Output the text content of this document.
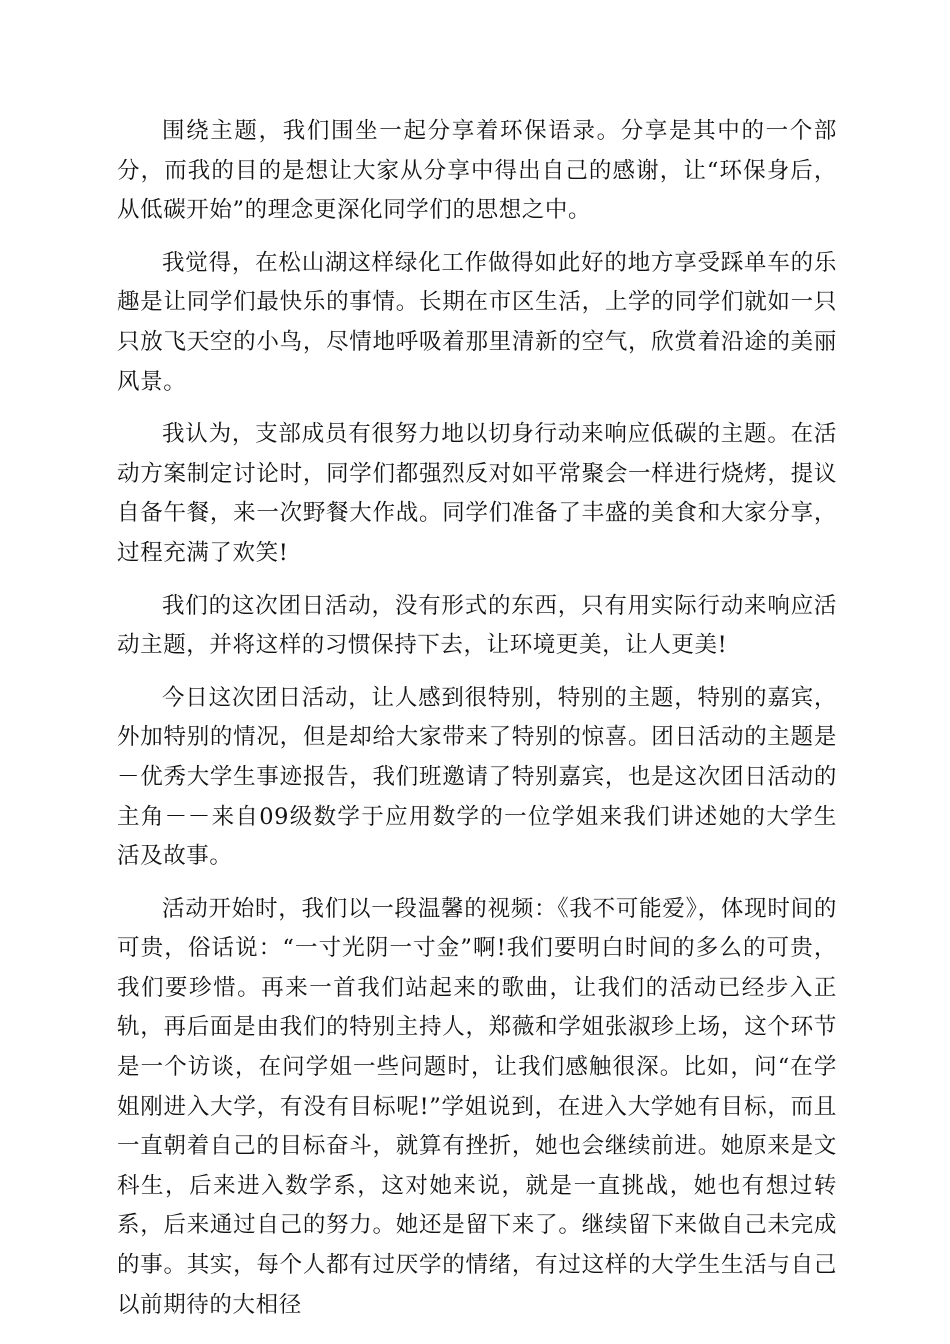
围绕主题，我们围坐一起分享着环保语录。分享是其中的一个部分，而我的目的是想让大家从分享中得出自己的感谢，让“环保身后，从低碳开始”的理念更深化同学们的思想之中。

我觉得，在松山湖这样绿化工作做得如此好的地方享受踩单车的乐趣是让同学们最快乐的事情。长期在市区生活，上学的同学们就如一只只放飞天空的小鸟，尽情地呼吸着那里清新的空气，欣赏着沿途的美丽风景。

我认为，支部成员有很努力地以切身行动来响应低碳的主题。在活动方案制定讨论时，同学们都强烈反对如平常聚会一样进行烧烤，提议自备午餐，来一次野餐大作战。同学们准备了丰盛的美食和大家分享，过程充满了欢笑!

我们的这次团日活动，没有形式的东西，只有用实际行动来响应活动主题，并将这样的习惯保持下去，让环境更美，让人更美!

今日这次团日活动，让人感到很特别，特别的主题，特别的嘉宾，外加特别的情况，但是却给大家带来了特别的惊喜。团日活动的主题是－优秀大学生事迹报告，我们班邀请了特别嘉宾，也是这次团日活动的主角－－来自09级数学于应用数学的一位学姐来我们讲述她的大学生活及故事。

活动开始时，我们以一段温馨的视频：《我不可能爱》，体现时间的可贵，俗话说：“一寸光阴一寸金”啊!我们要明白时间的多么的可贵，我们要珍惜。再来一首我们站起来的歌曲，让我们的活动已经步入正轨，再后面是由我们的特别主持人，郑薇和学姐张淑珍上场，这个环节是一个访谈，在问学姐一些问题时，让我们感触很深。比如，问“在学姐刚进入大学，有没有目标呢!”学姐说到，在进入大学她有目标，而且一直朝着自己的目标奋斗，就算有挫折，她也会继续前进。她原来是文科生，后来进入数学系，这对她来说，就是一直挑战，她也有想过转系，后来通过自己的努力。她还是留下来了。继续留下来做自己未完成的事。其实，每个人都有过厌学的情绪，有过这样的大学生生活与自己以前期待的大相径
